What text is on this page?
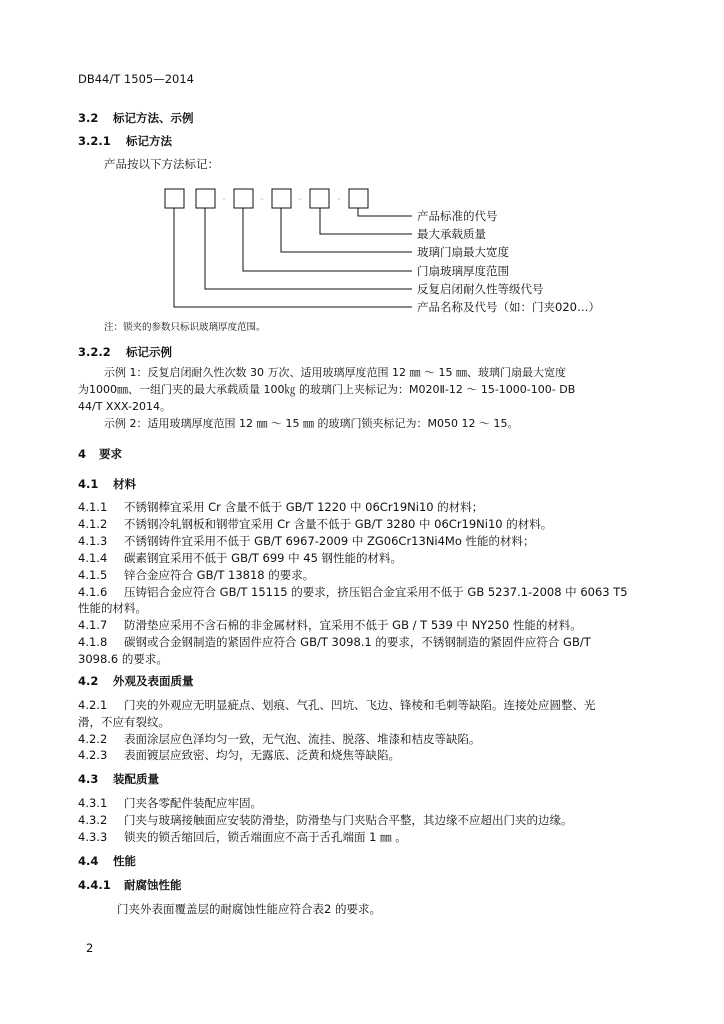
DB44/T 1505—2014
3.2 标记方法、示例
3.2.1 标记方法
产品按以下方法标记：
-	-	-	-
产品标准的代号
最大承载质量
玻璃门扇最大宽度
门扇玻璃厚度范围
反复启闭耐久性等级代号
产品名称及代号（如：门夹020…）
注：锁夹的参数只标识玻璃厚度范围。
3.2.2 标记示例
示例 1：反复启闭耐久性次数 30 万次、适用玻璃厚度范围 12 ㎜ ～ 15 ㎜、玻璃门扇最大宽度
为1000㎜、一组门夹的最大承载质量 100㎏ 的玻璃门上夹标记为：M020Ⅱ-12 ～ 15-1000-100- DB
44/T XXX-2014。
示例 2：适用玻璃厚度范围 12 ㎜ ～ 15 ㎜ 的玻璃门锁夹标记为：M050 12 ～ 15。
4 要求
4.1 材料
4.1.1 不锈钢棒宜采用 Cr 含量不低于 GB/T 1220 中 06Cr19Ni10 的材料；
4.1.2 不锈钢冷轧钢板和钢带宜采用 Cr 含量不低于 GB/T 3280 中 06Cr19Ni10 的材料。
4.1.3 不锈钢铸件宜采用不低于 GB/T 6967-2009 中 ZG06Cr13Ni4Mo 性能的材料；
4.1.4 碳素钢宜采用不低于 GB/T 699 中 45 钢性能的材料。
4.1.5 锌合金应符合 GB/T 13818 的要求。
4.1.6 压铸铝合金应符合 GB/T 15115 的要求，挤压铝合金宜采用不低于 GB 5237.1-2008 中 6063 T5
性能的材料。
4.1.7 防滑垫应采用不含石棉的非金属材料，宜采用不低于 GB / T 539 中 NY250 性能的材料。
4.1.8 碳钢或合金钢制造的紧固件应符合 GB/T 3098.1 的要求，不锈钢制造的紧固件应符合 GB/T
3098.6 的要求。
4.2 外观及表面质量
4.2.1 门夹的外观应无明显疵点、划痕、气孔、凹坑、飞边、锋棱和毛刺等缺陷。连接处应圆整、光
滑，不应有裂纹。
4.2.2 表面涂层应色泽均匀一致，无气泡、流挂、脱落、堆漆和桔皮等缺陷。
4.2.3 表面镀层应致密、均匀，无露底、泛黄和烧焦等缺陷。
4.3 装配质量
4.3.1 门夹各零配件装配应牢固。
4.3.2 门夹与玻璃接触面应安装防滑垫，防滑垫与门夹贴合平整，其边缘不应超出门夹的边缘。
4.3.3 锁夹的锁舌缩回后，锁舌端面应不高于舌孔端面 1 ㎜ 。
4.4 性能
4.4.1 耐腐蚀性能
门夹外表面覆盖层的耐腐蚀性能应符合表2 的要求。
2
